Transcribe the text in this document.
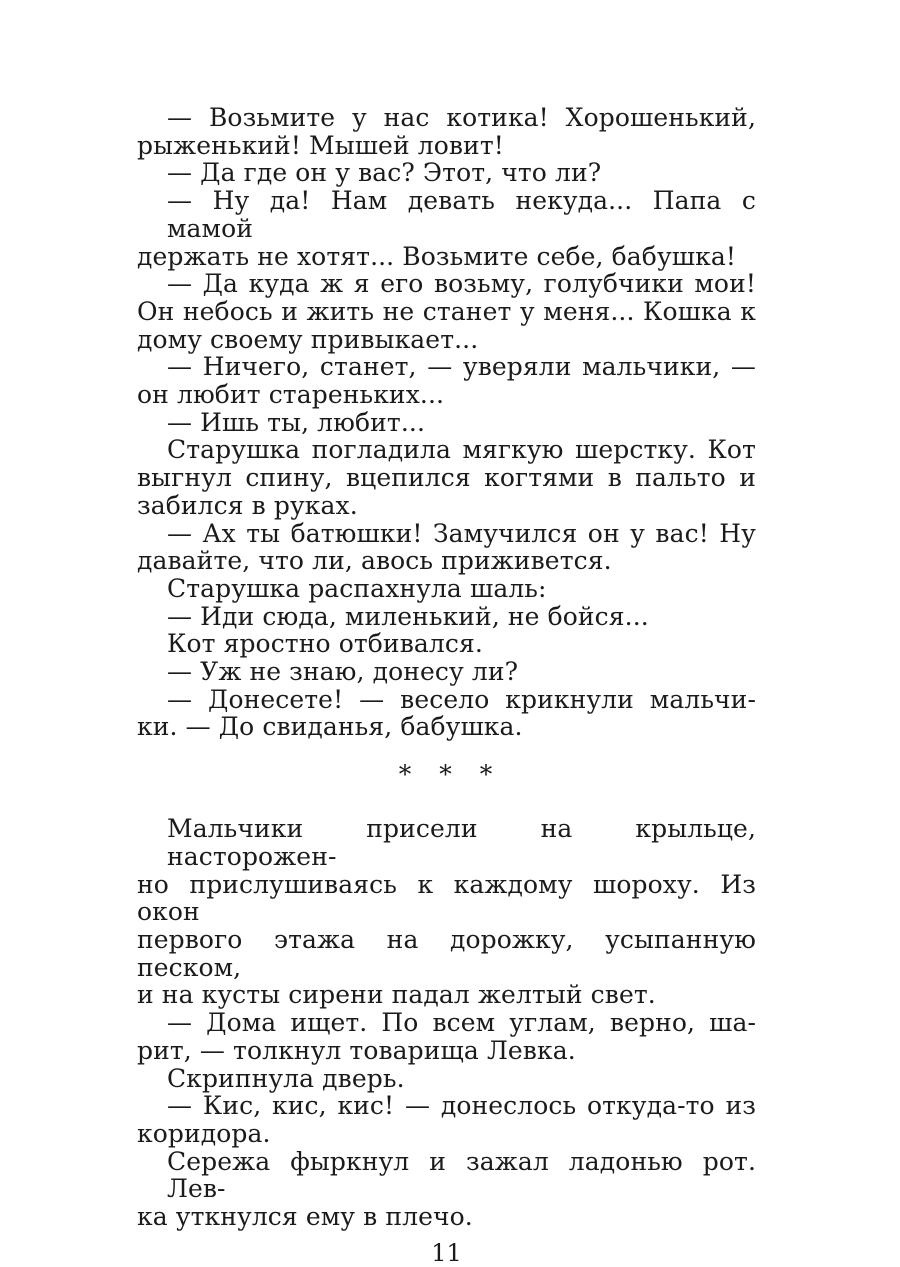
— Возьмите у нас котика! Хорошенький,
рыженький! Мышей ловит!
— Да где он у вас? Этот, что ли?
— Ну да! Нам девать некуда... Папа с мамой
держать не хотят... Возьмите себе, бабушка!
— Да куда ж я его возьму, голубчики мои!
Он небось и жить не станет у меня... Кошка к
дому своему привыкает...
— Ничего, станет, — уверяли мальчики, —
он любит стареньких...
— Ишь ты, любит...
Старушка погладила мягкую шерстку. Кот
выгнул спину, вцепился когтями в пальто и
забился в руках.
— Ах ты батюшки! Замучился он у вас! Ну
давайте, что ли, авось приживется.
Старушка распахнула шаль:
— Иди сюда, миленький, не бойся...
Кот яростно отбивался.
— Уж не знаю, донесу ли?
— Донесете! — весело крикнули мальчи-
ки. — До свиданья, бабушка.
* * *
Мальчики присели на крыльце, насторожен-
но прислушиваясь к каждому шороху. Из окон
первого этажа на дорожку, усыпанную песком,
и на кусты сирени падал желтый свет.
— Дома ищет. По всем углам, верно, ша-
рит, — толкнул товарища Левка.
Скрипнула дверь.
— Кис, кис, кис! — донеслось откуда-то из
коридора.
Сережа фыркнул и зажал ладонью рот. Лев-
ка уткнулся ему в плечо.
11
